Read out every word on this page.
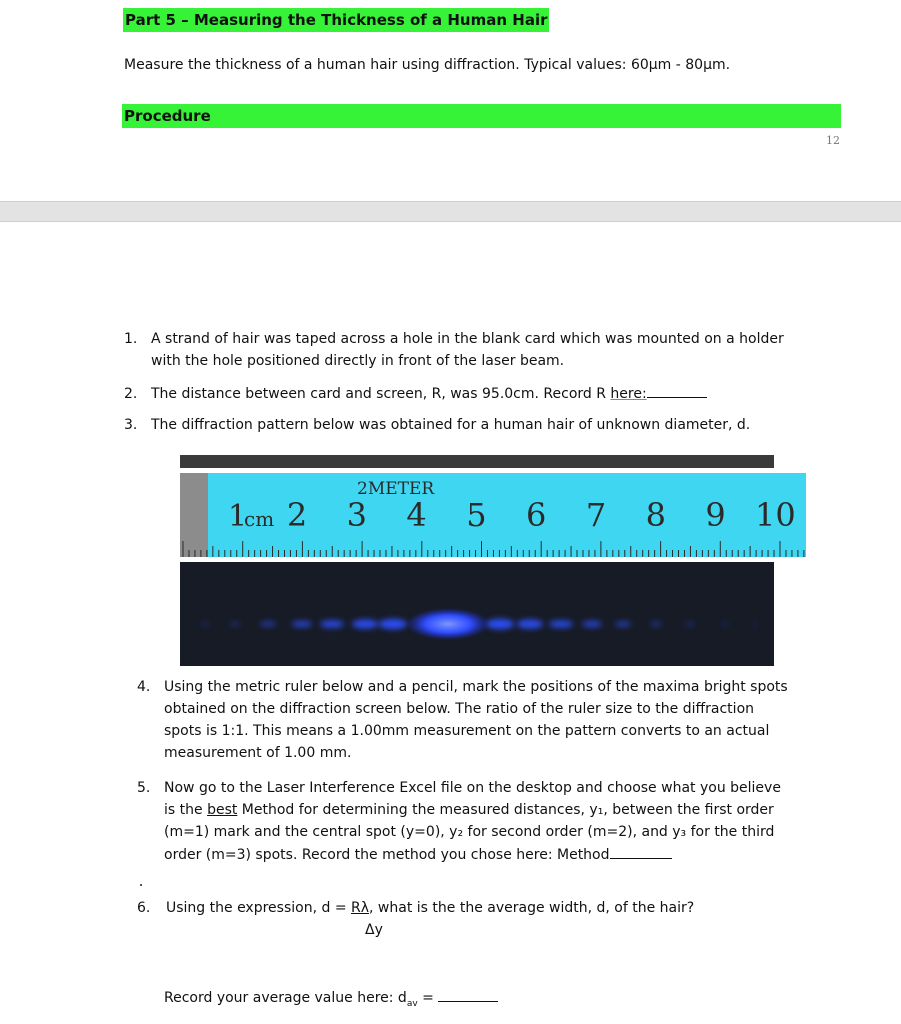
Part 5 – Measuring the Thickness of a Human Hair
Measure the thickness of a human hair using diffraction. Typical values: 60μm - 80μm.
Procedure
12
1. A strand of hair was taped across a hole in the blank card which was mounted on a holder
with the hole positioned directly in front of the laser beam.
2. The distance between card and screen, R, was 95.0cm. Record R here:
3. The diffraction pattern below was obtained for a human hair of unknown diameter, d.
2METER
1
cm 2 3 4 5 6 7 8 9 10
4. Using the metric ruler below and a pencil, mark the positions of the maxima bright spots
obtained on the diffraction screen below. The ratio of the ruler size to the diffraction
spots is 1:1. This means a 1.00mm measurement on the pattern converts to an actual
measurement of 1.00 mm.
5. Now go to the Laser Interference Excel file on the desktop and choose what you believe
is the best Method for determining the measured distances, y₁, between the first order
(m=1) mark and the central spot (y=0), y₂ for second order (m=2), and y₃ for the third
order (m=3) spots. Record the method you chose here: Method
6. Using the expression, d = Rλ, what is the the average width, d, of the hair?
Δy
Record your average value here: $d_{av}$ =
